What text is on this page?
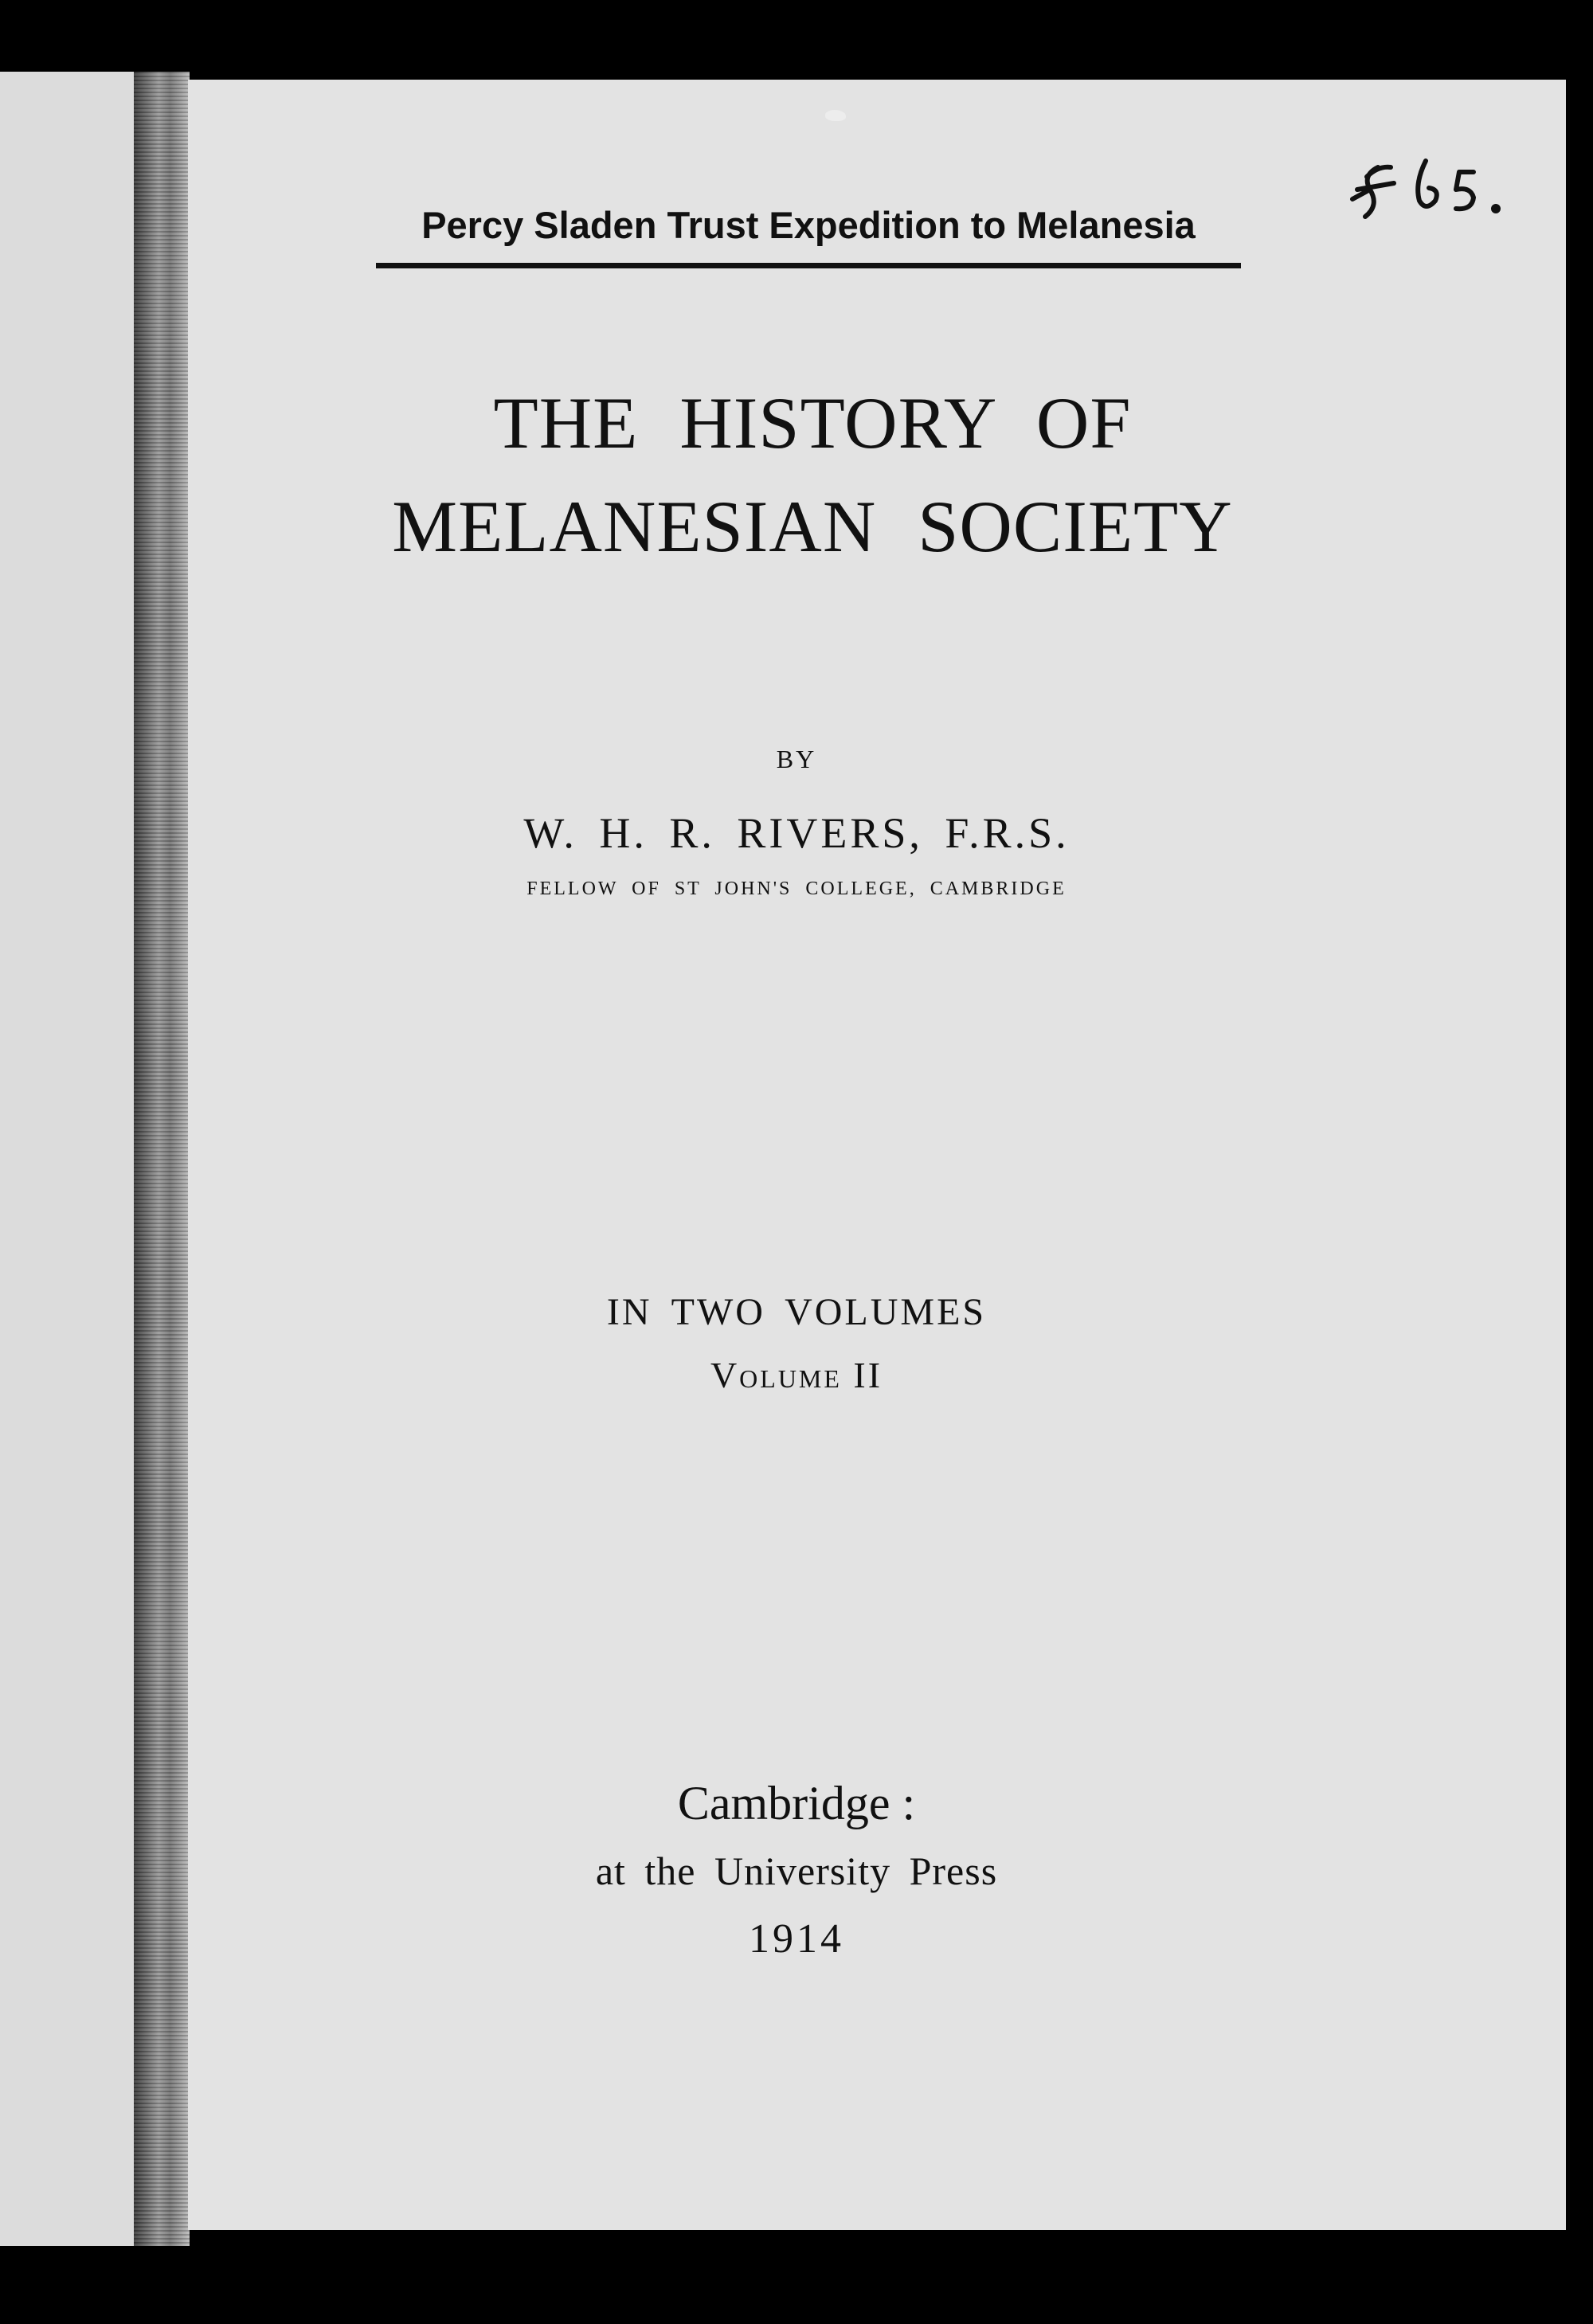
Percy Sladen Trust Expedition to Melanesia
THE HISTORY OF
MELANESIAN SOCIETY
BY
W. H. R. RIVERS, F.R.S.
FELLOW OF ST JOHN'S COLLEGE, CAMBRIDGE
IN TWO VOLUMES
Volume II
Cambridge :
at the University Press
1914
